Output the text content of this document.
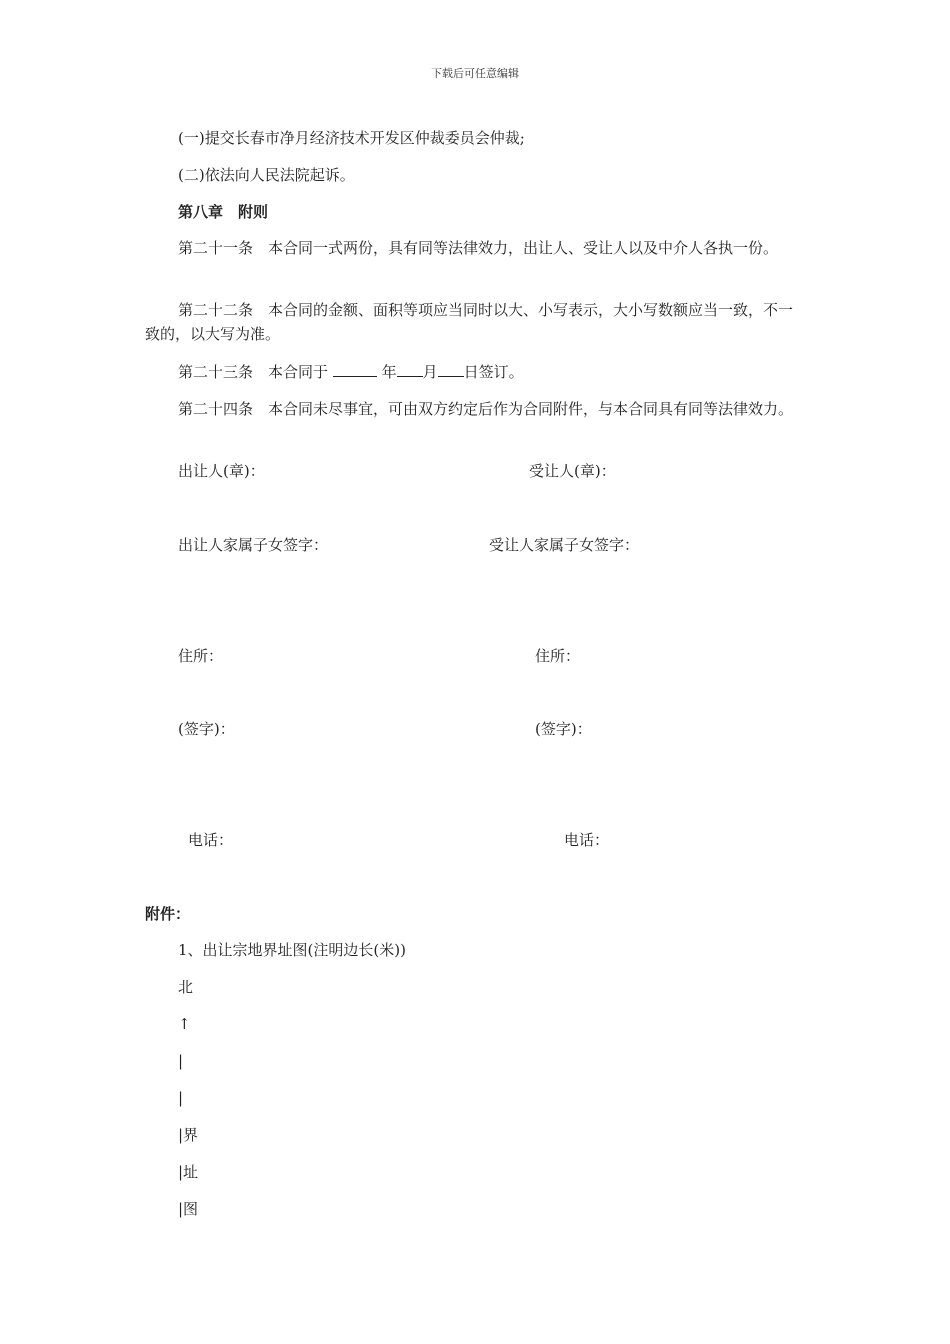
下载后可任意编辑
(一)提交长春市净月经济技术开发区仲裁委员会仲裁;
(二)依法向人民法院起诉。
第八章　附则
第二十一条　本合同一式两份，具有同等法律效力，出让人、受让人以及中介人各执一份。
第二十二条　本合同的金额、面积等项应当同时以大、小写表示，大小写数额应当一致，不一致的，以大写为准。
第二十三条　本合同于	年 月 日签订。
第二十四条　本合同未尽事宜，可由双方约定后作为合同附件，与本合同具有同等法律效力。
出让人(章)：	受让人(章)：
出让人家属子女签字：	受让人家属子女签字：
住所：	住所：
(签字)：	(签字)：
电话：	电话：
附件：
1、出让宗地界址图(注明边长(米))
北
↑
|
|
|界
|址
|图
